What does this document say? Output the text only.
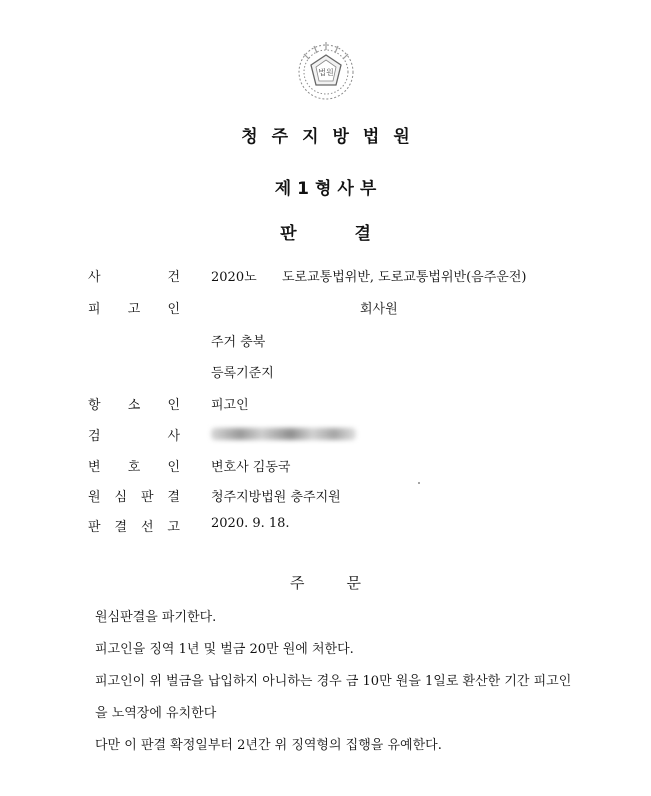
법원
청주지방법원
제1형사부
판결
사	건 2020노 도로교통법위반, 도로교통법위반(음주운전)
피 고 인	회사원
주거 충북
등록기준지
항 소 인 피고인
검	사
변 호 인 변호사 김동국
원 심 판 결 청주지방법원 충주지원
판 결 선 고 2020. 9. 18.
주문
원심판결을 파기한다.
피고인을 징역 1년 및 벌금 20만 원에 처한다.
피고인이 위 벌금을 납입하지 아니하는 경우 금 10만 원을 1일로 환산한 기간 피고인
을 노역장에 유치한다
다만 이 판결 확정일부터 2년간 위 징역형의 집행을 유예한다.
